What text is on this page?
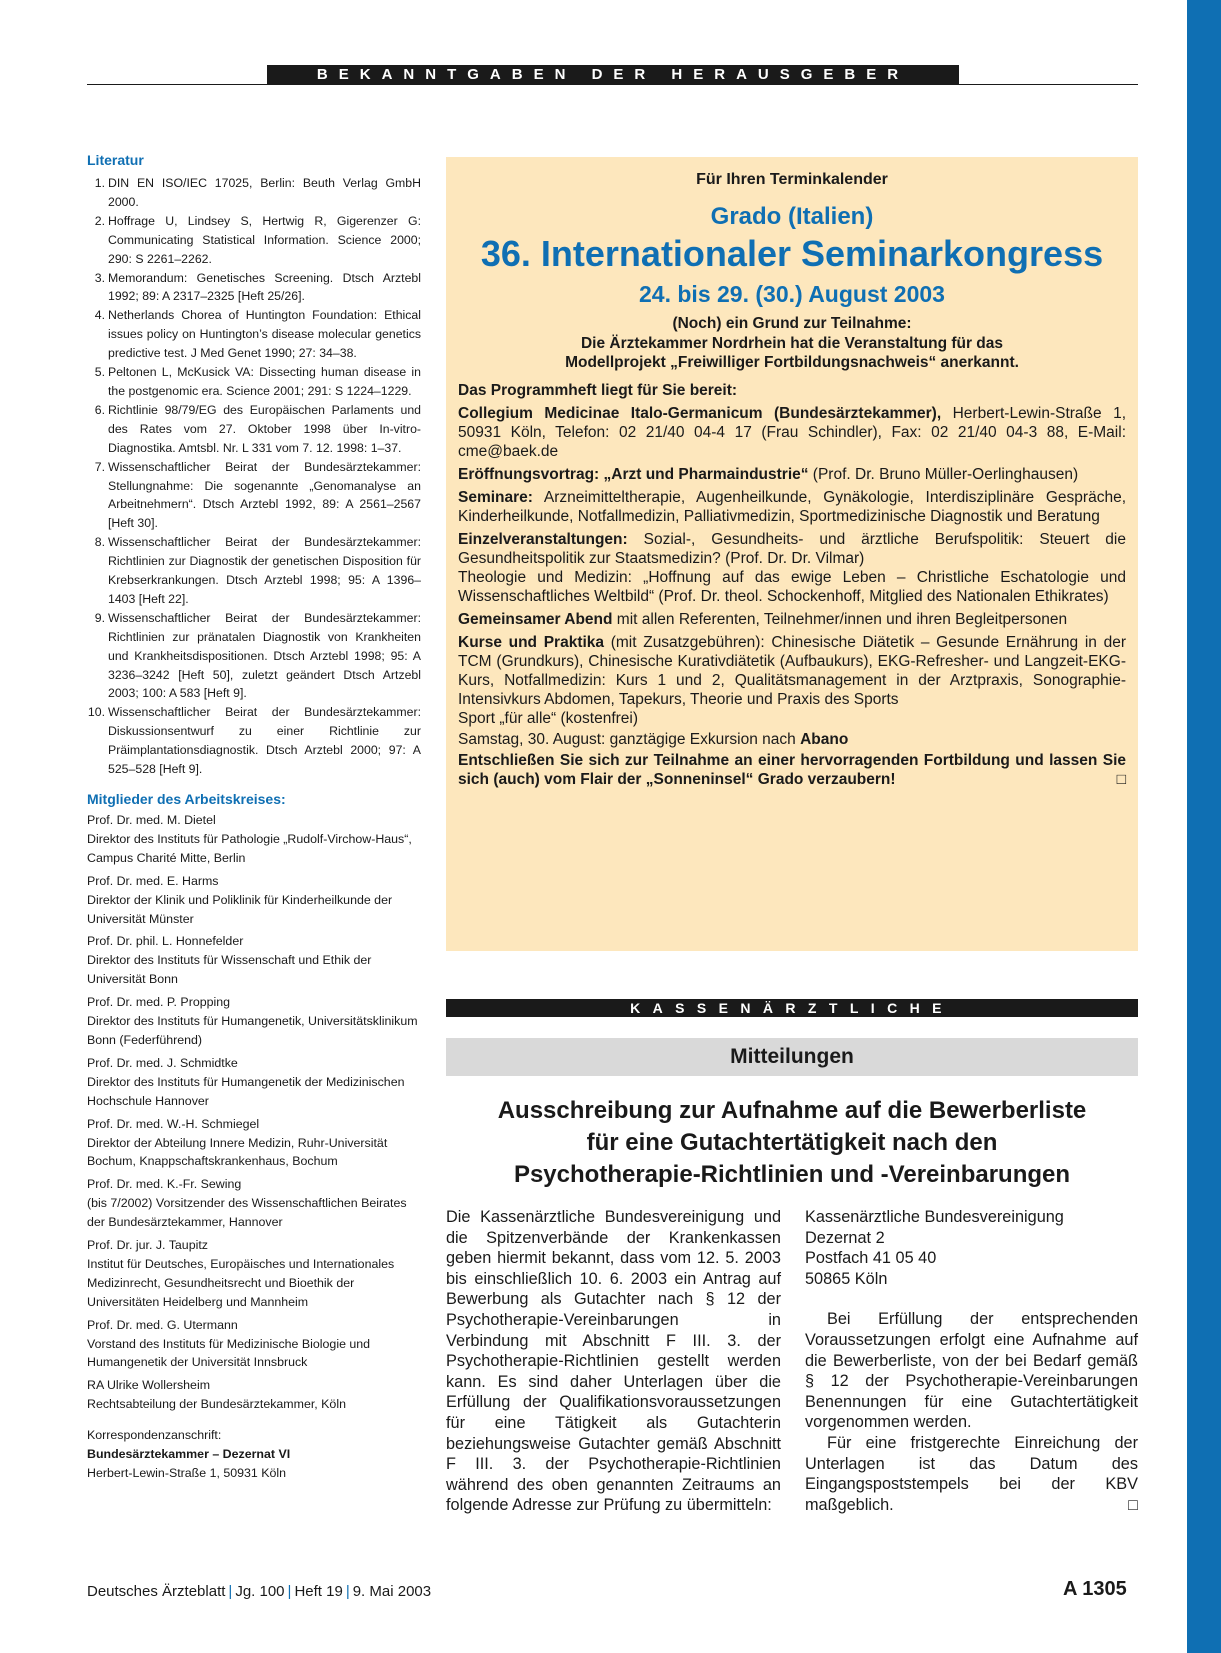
BEKANNTGABEN DER HERAUSGEBER
Literatur
1. DIN EN ISO/IEC 17025, Berlin: Beuth Verlag GmbH 2000.
2. Hoffrage U, Lindsey S, Hertwig R, Gigerenzer G: Communicating Statistical Information. Science 2000; 290: S 2261–2262.
3. Memorandum: Genetisches Screening. Dtsch Arztebl 1992; 89: A 2317–2325 [Heft 25/26].
4. Netherlands Chorea of Huntington Foundation: Ethical issues policy on Huntington’s disease molecular genetics predictive test. J Med Genet 1990; 27: 34–38.
5. Peltonen L, McKusick VA: Dissecting human disease in the postgenomic era. Science 2001; 291: S 1224–1229.
6. Richtlinie 98/79/EG des Europäischen Parlaments und des Rates vom 27. Oktober 1998 über In-vitro-Diagnostika. Amtsbl. Nr. L 331 vom 7. 12. 1998: 1–37.
7. Wissenschaftlicher Beirat der Bundesärztekammer: Stellungnahme: Die sogenannte „Genomanalyse an Arbeitnehmern“. Dtsch Arztebl 1992, 89: A 2561–2567 [Heft 30].
8. Wissenschaftlicher Beirat der Bundesärztekammer: Richtlinien zur Diagnostik der genetischen Disposition für Krebserkrankungen. Dtsch Arztebl 1998; 95: A 1396–1403 [Heft 22].
9. Wissenschaftlicher Beirat der Bundesärztekammer: Richtlinien zur pränatalen Diagnostik von Krankheiten und Krankheitsdispositionen. Dtsch Arztebl 1998; 95: A 3236–3242 [Heft 50], zuletzt geändert Dtsch Artzebl 2003; 100: A 583 [Heft 9].
10. Wissenschaftlicher Beirat der Bundesärztekammer: Diskussionsentwurf zu einer Richtlinie zur Präimplantationsdiagnostik. Dtsch Arztebl 2000; 97: A 525–528 [Heft 9].
Mitglieder des Arbeitskreises:
Prof. Dr. med. M. Dietel
Direktor des Instituts für Pathologie „Rudolf-Virchow-Haus“, Campus Charité Mitte, Berlin
Prof. Dr. med. E. Harms
Direktor der Klinik und Poliklinik für Kinderheilkunde der Universität Münster
Prof. Dr. phil. L. Honnefelder
Direktor des Instituts für Wissenschaft und Ethik der Universität Bonn
Prof. Dr. med. P. Propping
Direktor des Instituts für Humangenetik, Universitätsklinikum Bonn (Federführend)
Prof. Dr. med. J. Schmidtke
Direktor des Instituts für Humangenetik der Medizinischen Hochschule Hannover
Prof. Dr. med. W.-H. Schmiegel
Direktor der Abteilung Innere Medizin, Ruhr-Universität Bochum, Knappschaftskrankenhaus, Bochum
Prof. Dr. med. K.-Fr. Sewing
(bis 7/2002) Vorsitzender des Wissenschaftlichen Beirates der Bundesärztekammer, Hannover
Prof. Dr. jur. J. Taupitz
Institut für Deutsches, Europäisches und Internationales Medizinrecht, Gesundheitsrecht und Bioethik der Universitäten Heidelberg und Mannheim
Prof. Dr. med. G. Utermann
Vorstand des Instituts für Medizinische Biologie und Humangenetik der Universität Innsbruck
RA Ulrike Wollersheim
Rechtsabteilung der Bundesärztekammer, Köln
Korrespondenzanschrift:
Bundesärztekammer – Dezernat VI
Herbert-Lewin-Straße 1, 50931 Köln
Für Ihren Terminkalender
Grado (Italien)
36. Internationaler Seminarkongress
24. bis 29. (30.) August 2003
(Noch) ein Grund zur Teilnahme:
Die Ärztekammer Nordrhein hat die Veranstaltung für das
Modellprojekt „Freiwilliger Fortbildungsnachweis“ anerkannt.

Das Programmheft liegt für Sie bereit:

Collegium Medicinae Italo-Germanicum (Bundesärztekammer), Herbert-Lewin-Straße 1, 50931 Köln, Telefon: 02 21/40 04-4 17 (Frau Schindler), Fax: 02 21/40 04-3 88, E-Mail: cme@baek.de

Eröffnungsvortrag: „Arzt und Pharmaindustrie“ (Prof. Dr. Bruno Müller-Oerlinghausen)

Seminare: Arzneimitteltherapie, Augenheilkunde, Gynäkologie, Interdisziplinäre Gespräche, Kinderheilkunde, Notfallmedizin, Palliativmedizin, Sportmedizinische Diagnostik und Beratung

Einzelveranstaltungen: Sozial-, Gesundheits- und ärztliche Berufspolitik: Steuert die Gesundheitspolitik zur Staatsmedizin? (Prof. Dr. Dr. Vilmar)

Theologie und Medizin: „Hoffnung auf das ewige Leben – Christliche Eschatologie und Wissenschaftliches Weltbild“ (Prof. Dr. theol. Schockenhoff, Mitglied des Nationalen Ethikrates)

Gemeinsamer Abend mit allen Referenten, Teilnehmer/innen und ihren Begleitpersonen

Kurse und Praktika (mit Zusatzgebühren): Chinesische Diätetik – Gesunde Ernährung in der TCM (Grundkurs), Chinesische Kurativdiätetik (Aufbaukurs), EKG-Refresher- und Langzeit-EKG-Kurs, Notfallmedizin: Kurs 1 und 2, Qualitätsmanagement in der Arztpraxis, Sonographie-Intensivkurs Abdomen, Tapekurs, Theorie und Praxis des Sports

Sport „für alle“ (kostenfrei)

Samstag, 30. August: ganztägige Exkursion nach Abano

Entschließen Sie sich zur Teilnahme an einer hervorragenden Fortbildung und lassen Sie sich (auch) vom Flair der „Sonneninsel“ Grado verzaubern!	□

KASSENÄRZTLICHE BUNDESVEREINIGUNG
Mitteilungen
Ausschreibung zur Aufnahme auf die Bewerberliste
für eine Gutachtertätigkeit nach den
Psychotherapie-Richtlinien und -Vereinbarungen
Die Kassenärztliche Bundesvereinigung und die Spitzenverbände der Krankenkassen geben hiermit bekannt, dass vom 12. 5. 2003 bis einschließlich 10. 6. 2003 ein Antrag auf Bewerbung als Gutachter nach § 12 der Psychotherapie-Vereinbarungen in Verbindung mit Abschnitt F III. 3. der Psychotherapie-Richtlinien gestellt werden kann. Es sind daher Unterlagen über die Erfüllung der Qualifikationsvoraussetzungen für eine Tätigkeit als Gutachterin beziehungsweise Gutachter gemäß Abschnitt F III. 3. der Psychotherapie-Richtlinien während des oben genannten Zeitraums an folgende Adresse zur Prüfung zu übermitteln:
Kassenärztliche Bundesvereinigung
Dezernat 2
Postfach 41 05 40
50865 Köln

Bei Erfüllung der entsprechenden Voraussetzungen erfolgt eine Aufnahme auf die Bewerberliste, von der bei Bedarf gemäß § 12 der Psychotherapie-Vereinbarungen Benennungen für eine Gutachtertätigkeit vorgenommen werden.

Für eine fristgerechte Einreichung der Unterlagen ist das Datum des Eingangspoststempels bei der KBV maßgeblich.	□

Deutsches Ärzteblatt | Jg. 100 | Heft 19 | 9. Mai 2003	A 1305
